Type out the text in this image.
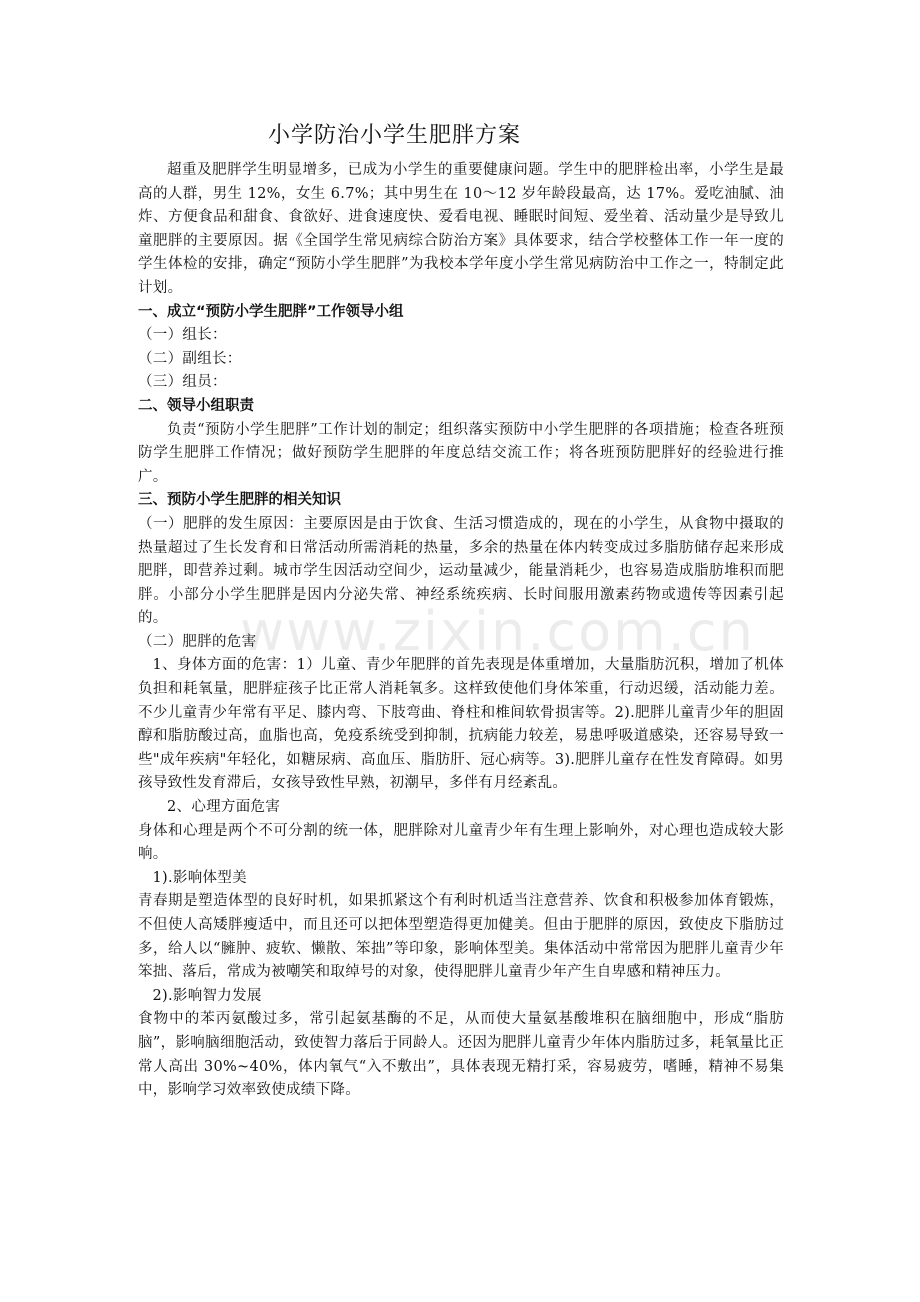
www.zixin.com.cn
小学防治小学生肥胖方案

超重及肥胖学生明显增多，已成为小学生的重要健康问题。学生中的肥胖检出率，小学生是最高的人群，男生 12%，女生 6.7%；其中男生在 10～12 岁年龄段最高，达 17%。爱吃油腻、油炸、方便食品和甜食、食欲好、进食速度快、爱看电视、睡眠时间短、爱坐着、活动量少是导致儿童肥胖的主要原因。据《全国学生常见病综合防治方案》具体要求，结合学校整体工作一年一度的学生体检的安排，确定“预防小学生肥胖”为我校本学年度小学生常见病防治中工作之一，特制定此计划。

一、成立“预防小学生肥胖”工作领导小组

（一）组长：

（二）副组长：

（三）组员：

二、领导小组职责

负责“预防小学生肥胖”工作计划的制定；组织落实预防中小学生肥胖的各项措施；检查各班预防学生肥胖工作情况；做好预防学生肥胖的年度总结交流工作；将各班预防肥胖好的经验进行推广。

三、预防小学生肥胖的相关知识

（一）肥胖的发生原因：主要原因是由于饮食、生活习惯造成的，现在的小学生，从食物中摄取的热量超过了生长发育和日常活动所需消耗的热量，多余的热量在体内转变成过多脂肪储存起来形成肥胖，即营养过剩。城市学生因活动空间少，运动量减少，能量消耗少，也容易造成脂肪堆积而肥胖。小部分小学生肥胖是因内分泌失常、神经系统疾病、长时间服用激素药物或遗传等因素引起的。

（二）肥胖的危害

1、身体方面的危害：1）儿童、青少年肥胖的首先表现是体重增加，大量脂肪沉积，增加了机体负担和耗氧量，肥胖症孩子比正常人消耗氧多。这样致使他们身体笨重，行动迟缓，活动能力差。不少儿童青少年常有平足、膝内弯、下肢弯曲、脊柱和椎间软骨损害等。2).肥胖儿童青少年的胆固醇和脂肪酸过高，血脂也高，免疫系统受到抑制，抗病能力较差，易患呼吸道感染，还容易导致一些"成年疾病"年轻化，如糖尿病、高血压、脂肪肝、冠心病等。3).肥胖儿童存在性发育障碍。如男孩导致性发育滞后，女孩导致性早熟，初潮早，多伴有月经紊乱。

2、心理方面危害

身体和心理是两个不可分割的统一体，肥胖除对儿童青少年有生理上影响外，对心理也造成较大影响。

1).影响体型美

青春期是塑造体型的良好时机，如果抓紧这个有利时机适当注意营养、饮食和积极参加体育锻炼，不但使人高矮胖瘦适中，而且还可以把体型塑造得更加健美。但由于肥胖的原因，致使皮下脂肪过多，给人以“臃肿、疲软、懒散、笨拙”等印象，影响体型美。集体活动中常常因为肥胖儿童青少年笨拙、落后，常成为被嘲笑和取绰号的对象，使得肥胖儿童青少年产生自卑感和精神压力。

2).影响智力发展

食物中的苯丙氨酸过多，常引起氨基酶的不足，从而使大量氨基酸堆积在脑细胞中，形成“脂肪脑”，影响脑细胞活动，致使智力落后于同龄人。还因为肥胖儿童青少年体内脂肪过多，耗氧量比正常人高出 30%~40%，体内氧气“入不敷出”，具体表现无精打采，容易疲劳，嗜睡，精神不易集中，影响学习效率致使成绩下降。
